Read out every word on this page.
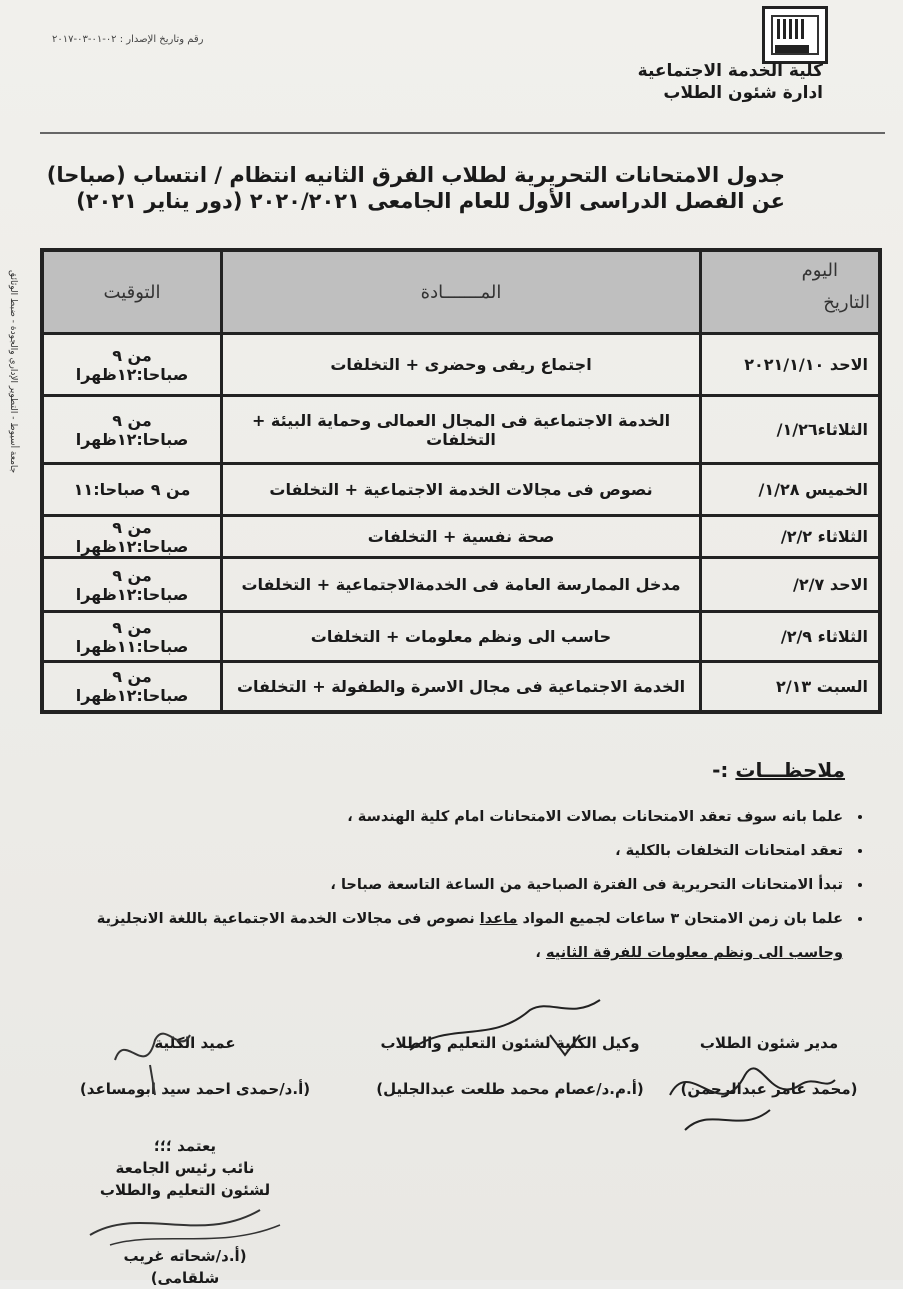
رقم وتاريخ الإصدار : ٠٢-٠١-٠٣-٢٠١٧
كلية الخدمة الاجتماعية
ادارة شئون الطلاب
جامعة أسيوط - التطوير الإداري والجودة - ضبط الوثائق
جدول الامتحانات التحريرية لطلاب الفرق الثانيه انتظام / انتساب (صباحا)
عن الفصل الدراسى الأول للعام الجامعى ٢٠٢٠/٢٠٢١ (دور يناير ٢٠٢١)
اليوم
التاريخ	المـــــــادة	التوقيت
الاحد ٢٠٢١/١/١٠	اجتماع ريفى وحضرى + التخلفات	من ٩ صباحا:١٢ظهرا
الثلاثاء١/٢٦/	الخدمة الاجتماعية فى المجال العمالى وحماية البيئة + التخلفات	من ٩ صباحا:١٢ظهرا
الخميس ١/٢٨/	نصوص فى مجالات الخدمة الاجتماعية + التخلفات	من ٩ صباحا:١١
الثلاثاء ٢/٢/	صحة نفسية + التخلفات	من ٩ صباحا:١٢ظهرا
الاحد ٢/٧/	مدخل الممارسة العامة فى الخدمةالاجتماعية + التخلفات	من ٩ صباحا:١٢ظهرا
الثلاثاء ٢/٩/	حاسب الى ونظم معلومات + التخلفات	من ٩ صباحا:١١ظهرا
السبت ٢/١٣	الخدمة الاجتماعية فى مجال الاسرة والطفولة + التخلفات	من ٩ صباحا:١٢ظهرا
ملاحظـــات :-
• علما بانه سوف تعقد الامتحانات بصالات الامتحانات امام كلية الهندسة ،
• تعقد امتحانات التخلفات بالكلية ،
• تبدأ الامتحانات التحريرية فى الفترة الصباحية من الساعة التاسعة صباحا ،
• علما بان زمن الامتحان ٣ ساعات لجميع المواد ماعدا نصوص فى مجالات الخدمة الاجتماعية باللغة الانجليزية
وحاسب الى ونظم معلومات للفرقة الثانيه ،
مدير شئون الطلاب
(محمد عامر عبدالرحمن)
وكيل الكلية لشئون التعليم والطلاب
(أ.م.د/عصام محمد طلعت عبدالجليل)
عميد الكلية
(أ.د/حمدى احمد سيد ابومساعد)
يعتمد ؛؛؛
نائب رئيس الجامعة
لشئون التعليم والطلاب
(أ.د/شحاته غريب شلقامى)
